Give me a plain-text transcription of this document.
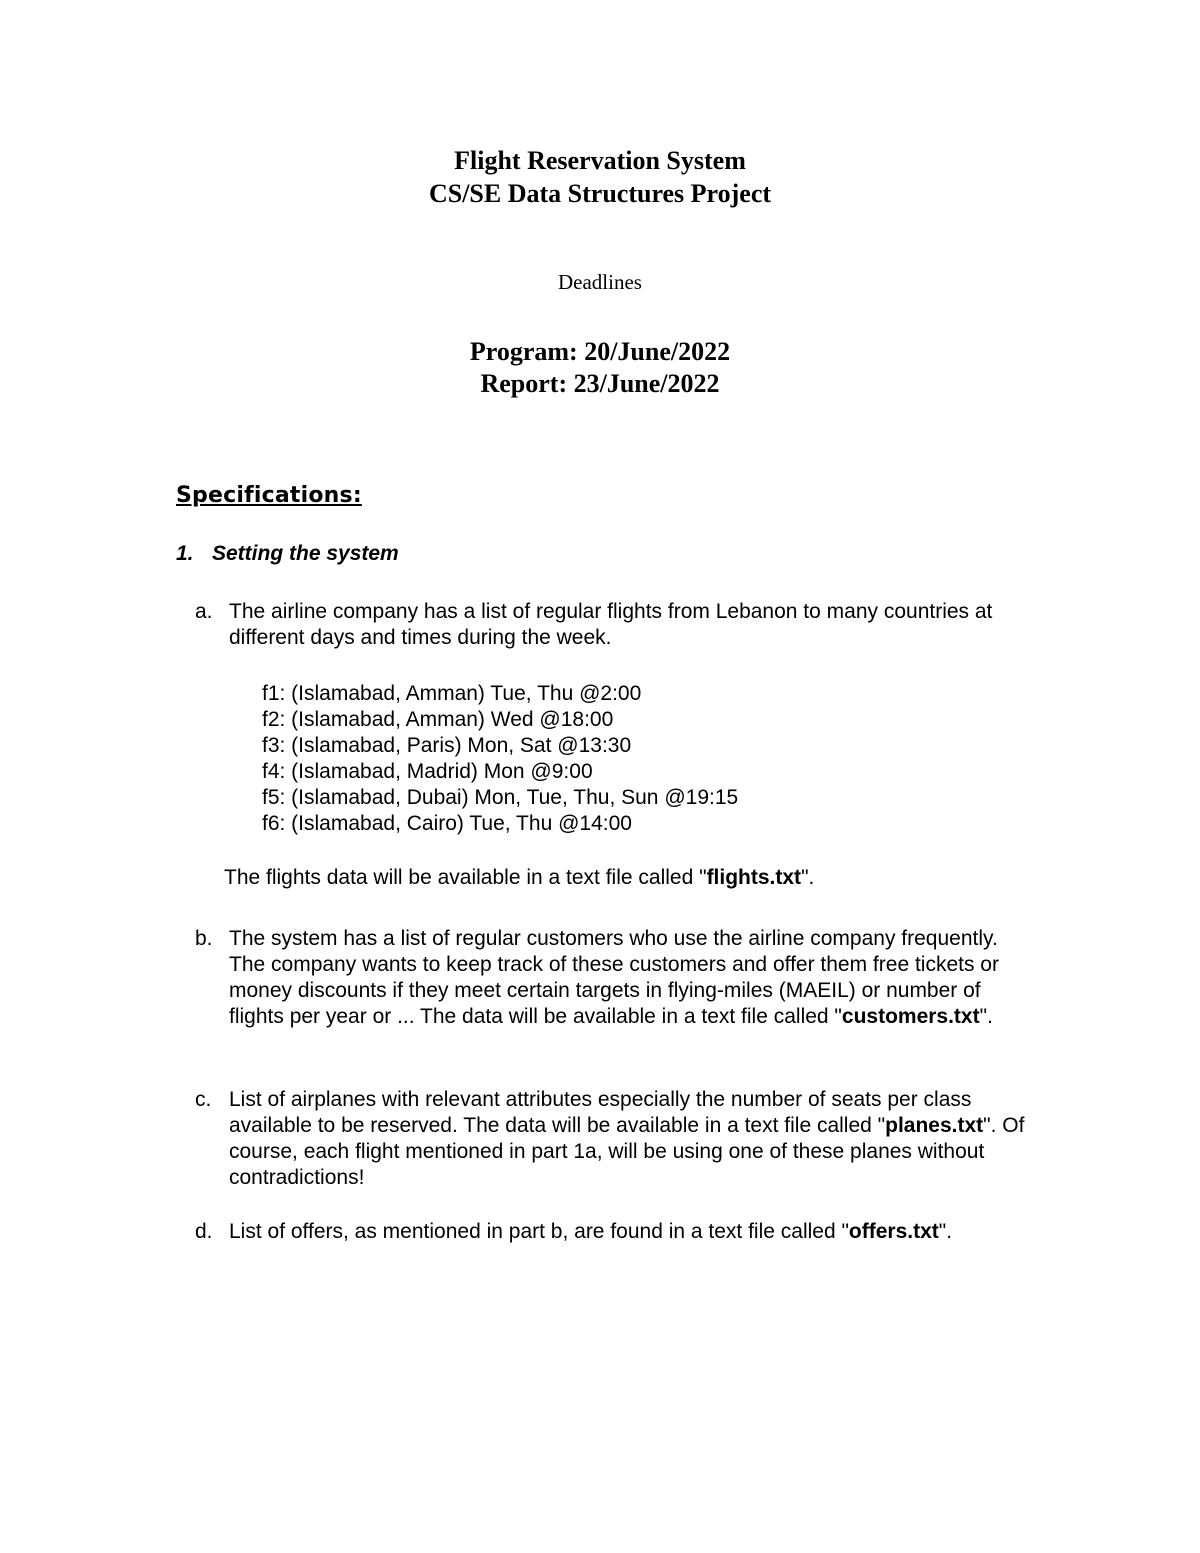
Flight Reservation System
CS/SE Data Structures Project
Deadlines
Program: 20/June/2022
Report: 23/June/2022
Specifications:
1. Setting the system
a. The airline company has a list of regular flights from Lebanon to many countries at different days and times during the week.
f1: (Islamabad, Amman) Tue, Thu @2:00
f2: (Islamabad, Amman) Wed @18:00
f3: (Islamabad, Paris) Mon, Sat @13:30
f4: (Islamabad, Madrid) Mon @9:00
f5: (Islamabad, Dubai) Mon, Tue, Thu, Sun @19:15
f6: (Islamabad, Cairo) Tue, Thu @14:00
The flights data will be available in a text file called "flights.txt".
b. The system has a list of regular customers who use the airline company frequently. The company wants to keep track of these customers and offer them free tickets or money discounts if they meet certain targets in flying-miles (MAEIL) or number of flights per year or ... The data will be available in a text file called "customers.txt".
c. List of airplanes with relevant attributes especially the number of seats per class available to be reserved. The data will be available in a text file called "planes.txt". Of course, each flight mentioned in part 1a, will be using one of these planes without contradictions!
d. List of offers, as mentioned in part b, are found in a text file called "offers.txt".
